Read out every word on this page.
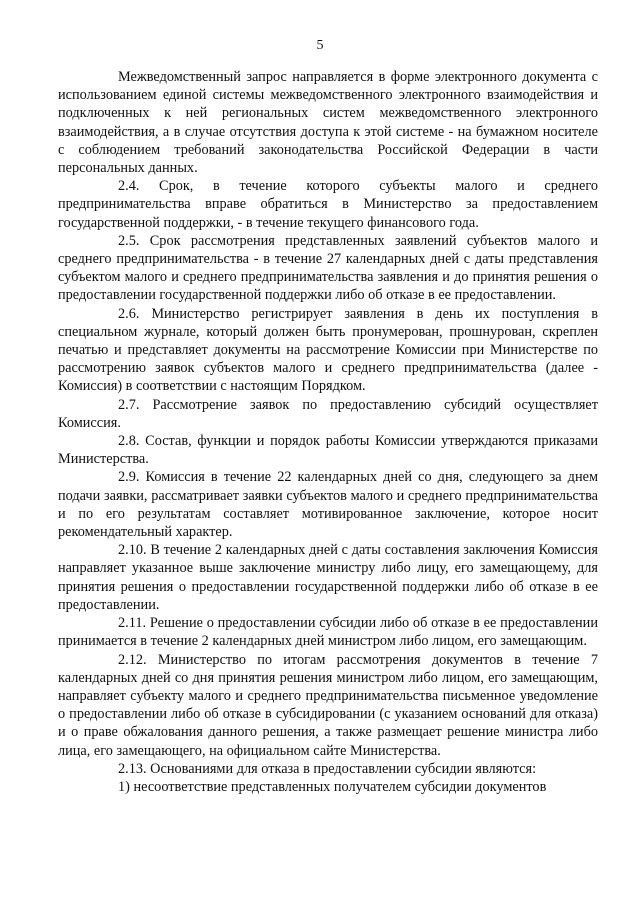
5

Межведомственный запрос направляется в форме электронного документа с использованием единой системы межведомственного электронного взаимодействия и подключенных к ней региональных систем межведомственного электронного взаимодействия, а в случае отсутствия доступа к этой системе - на бумажном носителе с соблюдением требований законодательства Российской Федерации в части персональных данных.

2.4. Срок, в течение которого субъекты малого и среднего предпринимательства вправе обратиться в Министерство за предоставлением государственной поддержки, - в течение текущего финансового года.

2.5. Срок рассмотрения представленных заявлений субъектов малого и среднего предпринимательства - в течение 27 календарных дней с даты представления субъектом малого и среднего предпринимательства заявления и до принятия решения о предоставлении государственной поддержки либо об отказе в ее предоставлении.

2.6. Министерство регистрирует заявления в день их поступления в специальном журнале, который должен быть пронумерован, прошнурован, скреплен печатью и представляет документы на рассмотрение Комиссии при Министерстве по рассмотрению заявок субъектов малого и среднего предпринимательства (далее - Комиссия) в соответствии с настоящим Порядком.

2.7. Рассмотрение заявок по предоставлению субсидий осуществляет Комиссия.

2.8. Состав, функции и порядок работы Комиссии утверждаются приказами Министерства.

2.9. Комиссия в течение 22 календарных дней со дня, следующего за днем подачи заявки, рассматривает заявки субъектов малого и среднего предпринимательства и по его результатам составляет мотивированное заключение, которое носит рекомендательный характер.

2.10. В течение 2 календарных дней с даты составления заключения Комиссия направляет указанное выше заключение министру либо лицу, его замещающему, для принятия решения о предоставлении государственной поддержки либо об отказе в ее предоставлении.

2.11. Решение о предоставлении субсидии либо об отказе в ее предоставлении принимается в течение 2 календарных дней министром либо лицом, его замещающим.

2.12. Министерство по итогам рассмотрения документов в течение 7 календарных дней со дня принятия решения министром либо лицом, его замещающим, направляет субъекту малого и среднего предпринимательства письменное уведомление о предоставлении либо об отказе в субсидировании (с указанием оснований для отказа) и о праве обжалования данного решения, а также размещает решение министра либо лица, его замещающего, на официальном сайте Министерства.

2.13. Основаниями для отказа в предоставлении субсидии являются:

1) несоответствие представленных получателем субсидии документов
